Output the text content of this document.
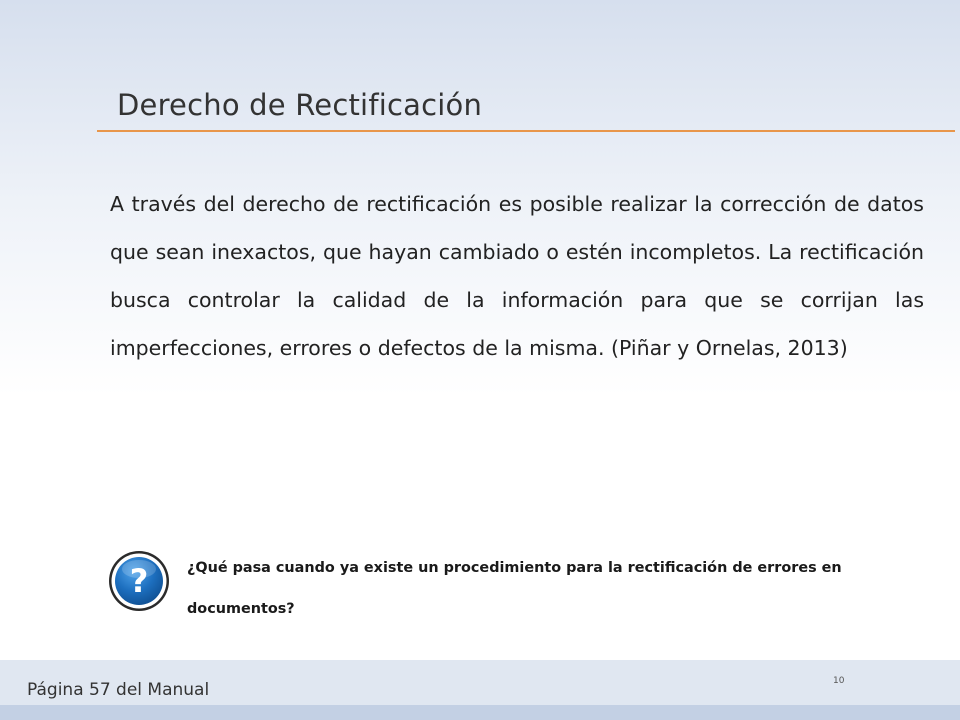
Derecho de Rectificación

A través del derecho de rectificación es posible realizar la corrección de datos que sean inexactos, que hayan cambiado o estén incompletos. La rectificación busca controlar la calidad de la información para que se corrijan las imperfecciones, errores o defectos de la misma. (Piñar y Ornelas, 2013)

?	¿Qué pasa cuando ya existe un procedimiento para la rectificación de errores en documentos?

Página 57 del Manual	10
